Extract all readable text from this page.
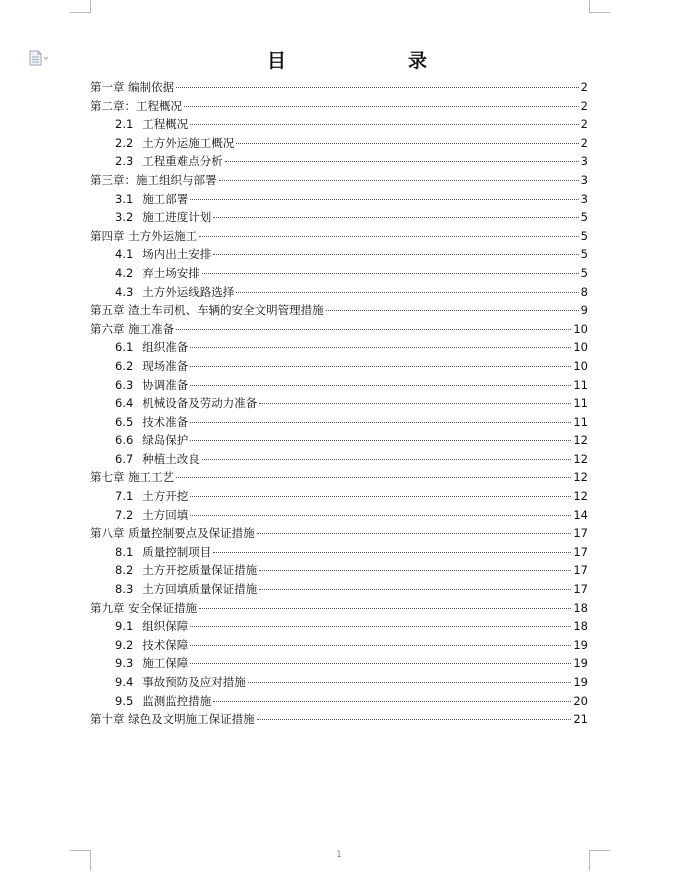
目　　录
第一章 编制依据	2
第二章：工程概况	2
2.1 工程概况	2
2.2 土方外运施工概况	2
2.3 工程重难点分析	3
第三章：施工组织与部署	3
3.1 施工部署	3
3.2 施工进度计划	5
第四章 土方外运施工	5
4.1 场内出土安排	5
4.2 弃土场安排	5
4.3 土方外运线路选择	8
第五章 渣土车司机、车辆的安全文明管理措施	9
第六章 施工准备	10
6.1 组织准备	10
6.2 现场准备	10
6.3 协调准备	11
6.4 机械设备及劳动力准备	11
6.5 技术准备	11
6.6 绿岛保护	12
6.7 种植土改良	12
第七章 施工工艺	12
7.1 土方开挖	12
7.2 土方回填	14
第八章 质量控制要点及保证措施	17
8.1 质量控制项目	17
8.2 土方开挖质量保证措施	17
8.3 土方回填质量保证措施	17
第九章 安全保证措施	18
9.1 组织保障	18
9.2 技术保障	19
9.3 施工保障	19
9.4 事故预防及应对措施	19
9.5 监测监控措施	20
第十章 绿色及文明施工保证措施	21
1
